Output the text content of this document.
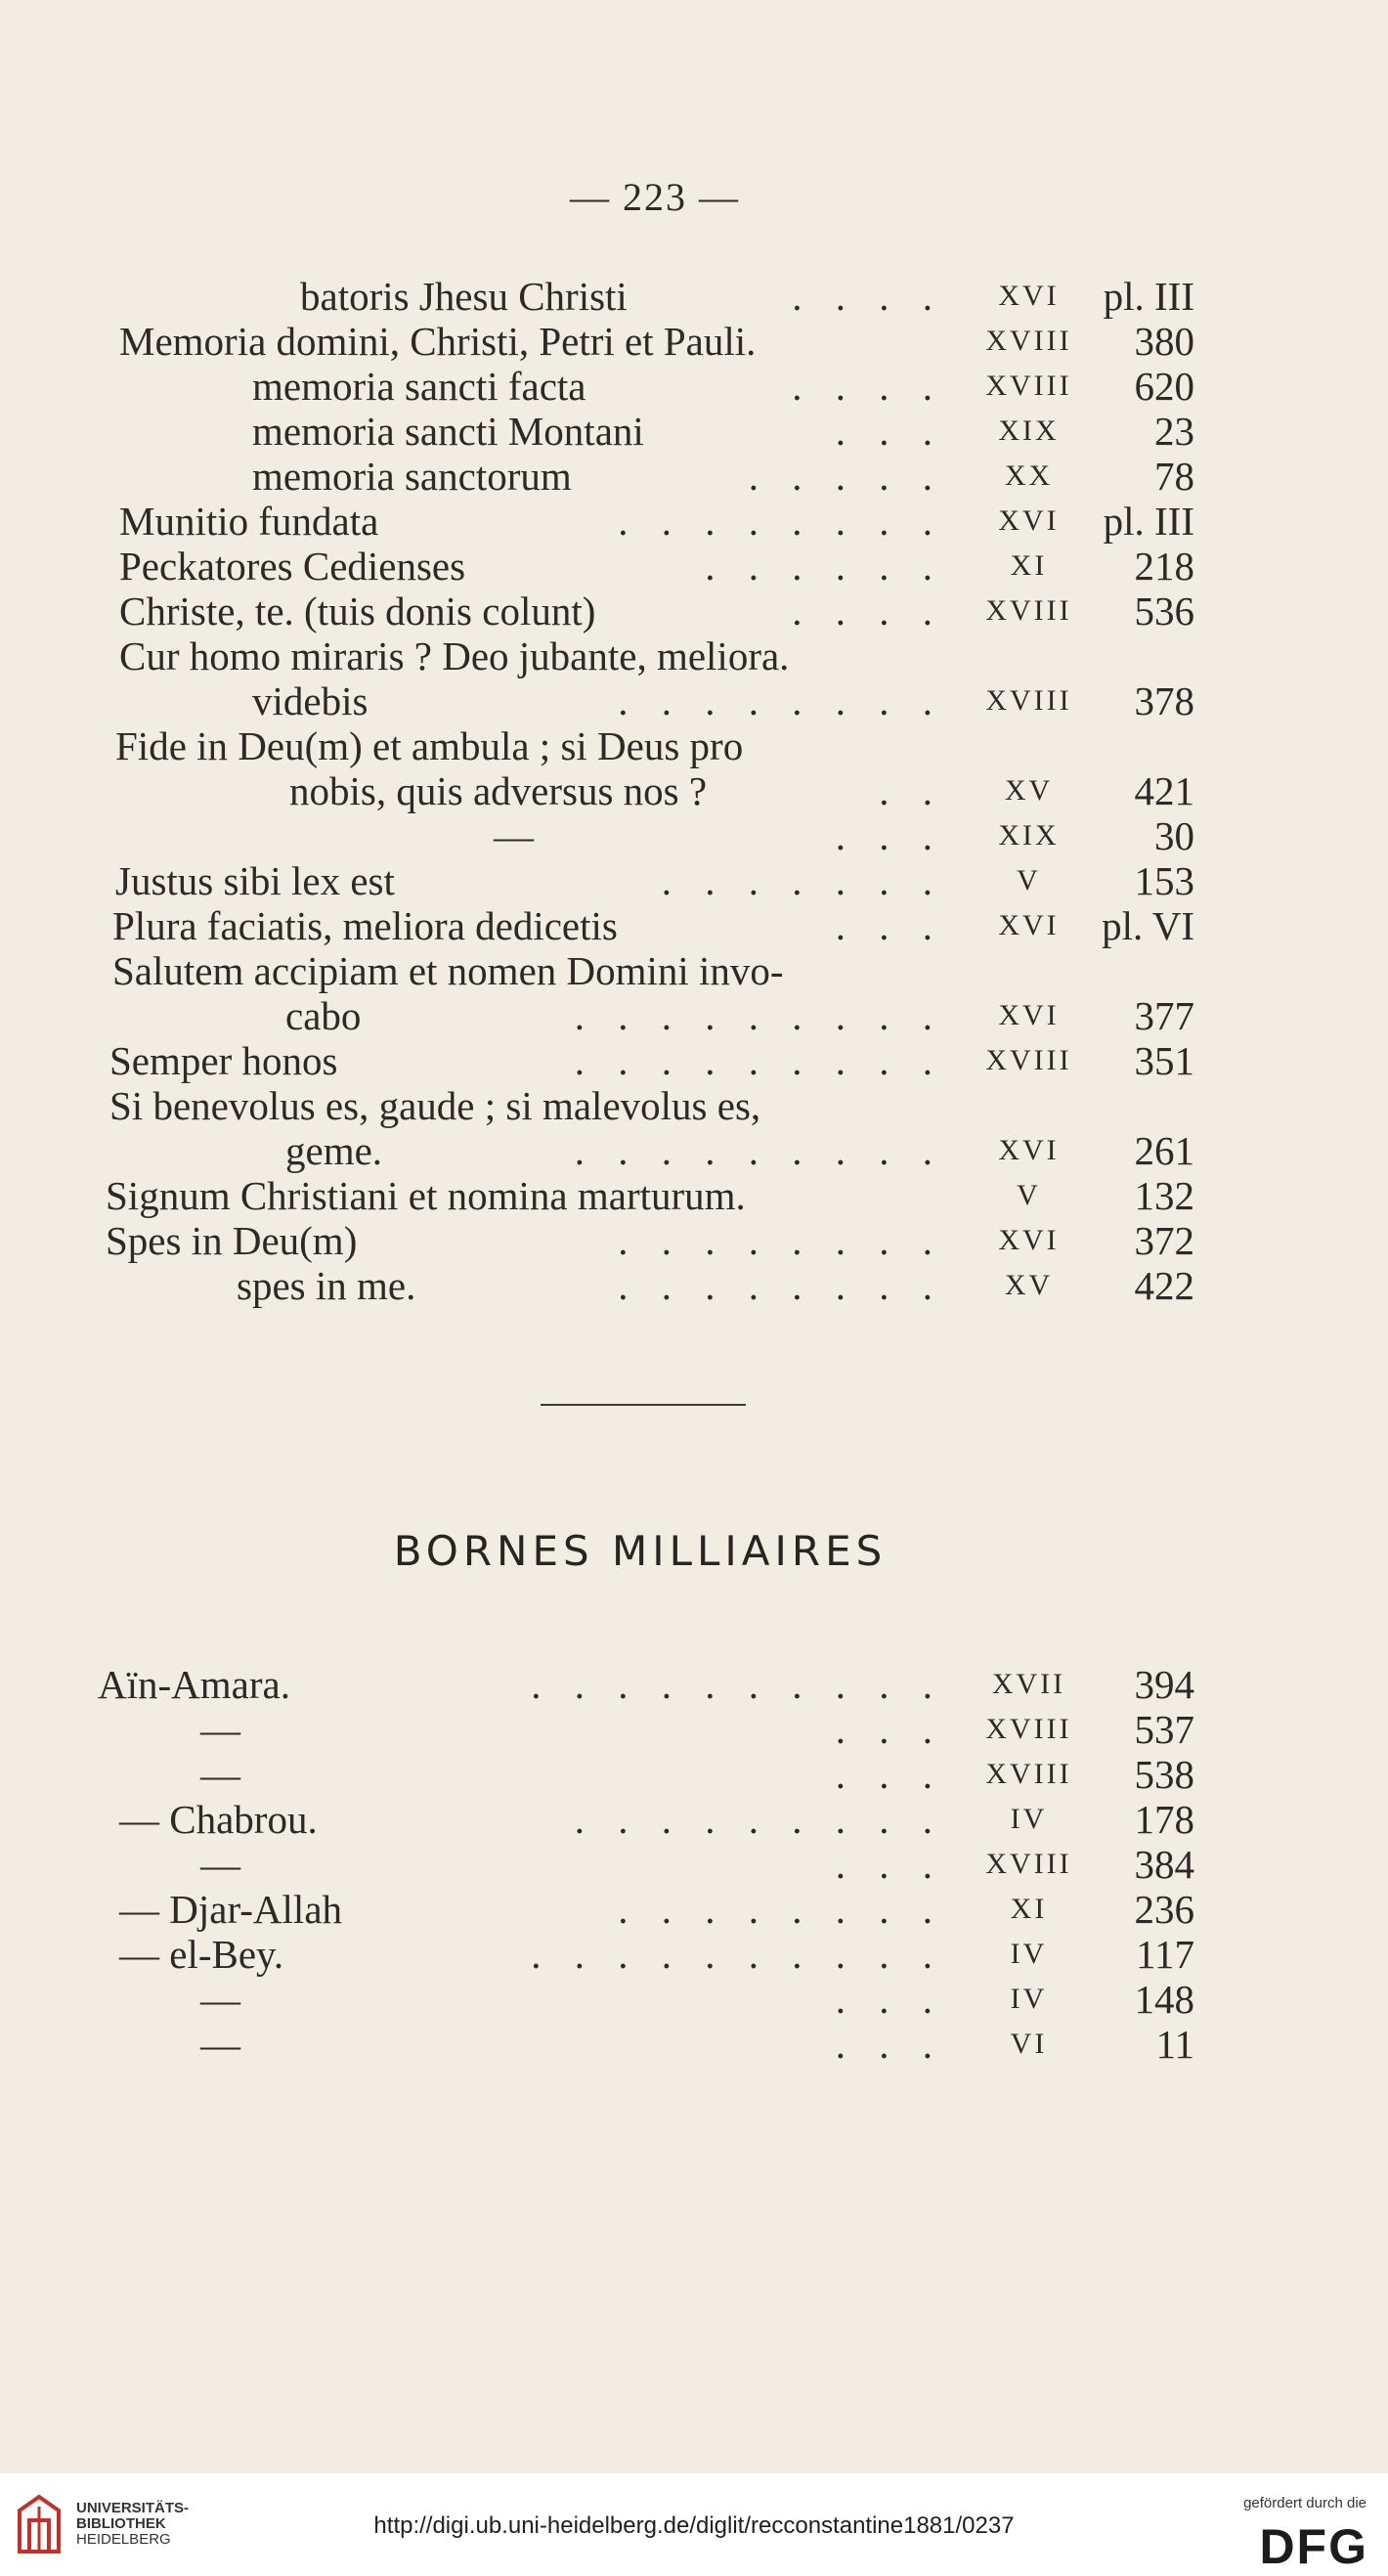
— 223 —
batoris Jhesu Christi	. . . .	XVI	pl. III
Memoria domini, Christi, Petri et Pauli.	XVIII	380
memoria sancti facta	. . . .	XVIII	620
memoria sancti Montani	. . .	XIX	23
memoria sanctorum	. . . . .	XX	78
Munitio fundata	. . . . . . . .	XVI	pl. III
Peckatores Cedienses	. . . . . .	XI	218
Christe, te. (tuis donis colunt)	. . . .	XVIII	536
Cur homo miraris ? Deo jubante, meliora.
videbis	. . . . . . . .	XVIII	378
Fide in Deu(m) et ambula ; si Deus pro
nobis, quis adversus nos ?	. .	XV	421
—	. . .	XIX	30
Justus sibi lex est	. . . . . . .	V	153
Plura faciatis, meliora dedicetis	. . .	XVI	pl. VI
Salutem accipiam et nomen Domini invo-
cabo	. . . . . . . . .	XVI	377
Semper honos	. . . . . . . . .	XVIII	351
Si benevolus es, gaude ; si malevolus es,
geme.	. . . . . . . . .	XVI	261
Signum Christiani et nomina marturum.	V	132
Spes in Deu(m)	. . . . . . . .	XVI	372
spes in me.	. . . . . . . .	XV	422
BORNES MILLIAIRES
Aïn-Amara.	. . . . . . . . . .	XVII	394
—	. . .	XVIII	537
—	. . .	XVIII	538
— Chabrou.	. . . . . . . . .	IV	178
—	. . .	XVIII	384
— Djar-Allah	. . . . . . . .	XI	236
— el-Bey.	. . . . . . . . . .	IV	117
—	. . .	IV	148
—	. . .	VI	11
UNIVERSITÄTS-
BIBLIOTHEK
HEIDELBERG
http://digi.ub.uni-heidelberg.de/diglit/recconstantine1881/0237
gefördert durch die
DFG
